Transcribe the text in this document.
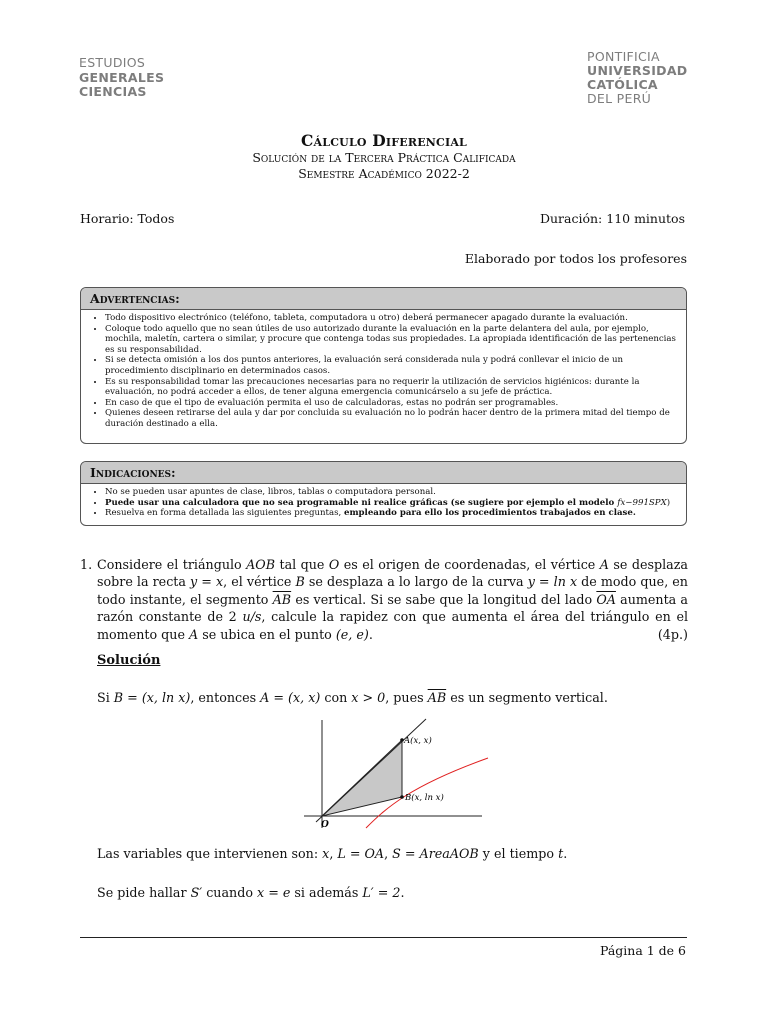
ESTUDIOS
GENERALES
CIENCIAS
PONTIFICIA
UNIVERSIDAD
CATÓLICA
DEL PERÚ
Cálculo Diferencial
Solución de la Tercera Práctica Calificada
Semestre Académico 2022-2
Horario: Todos	Duración: 110 minutos
Elaborado por todos los profesores
Advertencias:
• Todo dispositivo electrónico (teléfono, tableta, computadora u otro) deberá permanecer apagado durante la evaluación.
• Coloque todo aquello que no sean útiles de uso autorizado durante la evaluación en la parte delantera del aula, por ejemplo, mochila, maletín, cartera o similar, y procure que contenga todas sus propiedades. La apropiada identificación de las pertenencias es su responsabilidad.
• Si se detecta omisión a los dos puntos anteriores, la evaluación será considerada nula y podrá conllevar el inicio de un procedimiento disciplinario en determinados casos.
• Es su responsabilidad tomar las precauciones necesarias para no requerir la utilización de servicios higiénicos: durante la evaluación, no podrá acceder a ellos, de tener alguna emergencia comunicárselo a su jefe de práctica.
• En caso de que el tipo de evaluación permita el uso de calculadoras, estas no podrán ser programables.
• Quienes deseen retirarse del aula y dar por concluida su evaluación no lo podrán hacer dentro de la primera mitad del tiempo de duración destinado a ella.
Indicaciones:
• No se pueden usar apuntes de clase, libros, tablas o computadora personal.
• Puede usar una calculadora que no sea programable ni realice gráficas (se sugiere por ejemplo el modelo fx−991SPX)
• Resuelva en forma detallada las siguientes preguntas, empleando para ello los procedimientos trabajados en clase.
1. Considere el triángulo AOB tal que O es el origen de coordenadas, el vértice A se desplaza sobre la recta y = x, el vértice B se desplaza a lo largo de la curva y = ln x de modo que, en todo instante, el segmento $\overline{AB}$ es vertical. Si se sabe que la longitud del lado $\overline{OA}$ aumenta a razón constante de 2 u/s, calcule la rapidez con que aumenta el área del triángulo en el momento que A se ubica en el punto (e, e).	(4p.)
Solución
Si B = (x, ln x), entonces A = (x, x) con x > 0, pues $\overline{AB}$ es un segmento vertical.
A(x, x)
B(x, ln x)
O
Las variables que intervienen son: x, L = OA, S = AreaAOB y el tiempo t.
Se pide hallar S′ cuando x = e si además L′ = 2.
Página 1 de 6
